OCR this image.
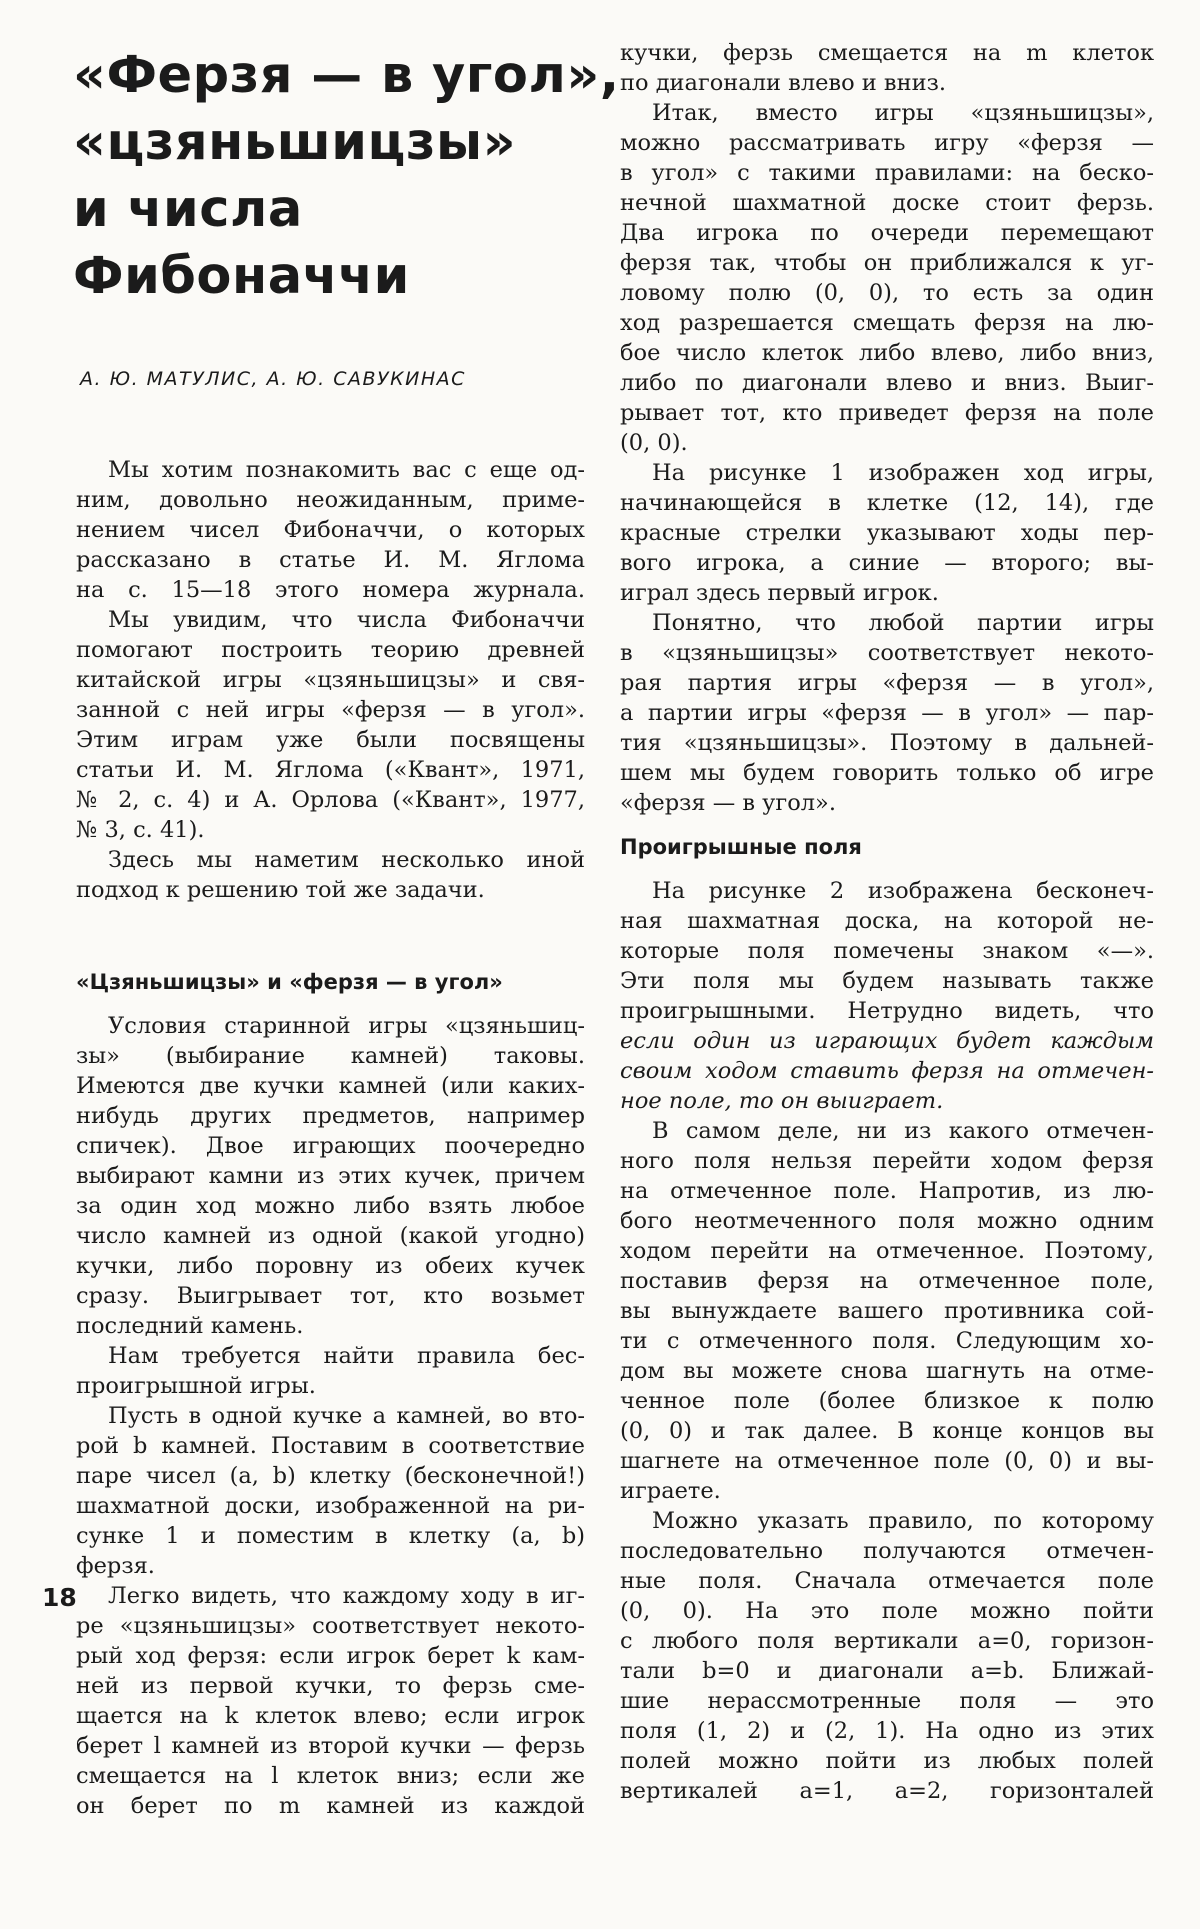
«Ферзя — в угол»,
«цзяньшицзы»
и числа
Фибоначчи
А. Ю. МАТУЛИС, А. Ю. САВУКИНАС
Мы хотим познакомить вас с еще од-
ним, довольно неожиданным, приме-
нением чисел Фибоначчи, о которых
рассказано в статье И. М. Яглома
на с. 15—18 этого номера журнала.
Мы увидим, что числа Фибоначчи
помогают построить теорию древней
китайской игры «цзяньшицзы» и свя-
занной с ней игры «ферзя — в угол».
Этим играм уже были посвящены
статьи И. М. Яглома («Квант», 1971,
№ 2, с. 4) и А. Орлова («Квант», 1977,
№ 3, с. 41).
Здесь мы наметим несколько иной
подход к решению той же задачи.
«Цзяньшицзы» и «ферзя — в угол»
Условия старинной игры «цзяньшиц-
зы» (выбирание камней) таковы.
Имеются две кучки камней (или каких-
нибудь других предметов, например
спичек). Двое играющих поочередно
выбирают камни из этих кучек, причем
за один ход можно либо взять любое
число камней из одной (какой угодно)
кучки, либо поровну из обеих кучек
сразу. Выигрывает тот, кто возьмет
последний камень.
Нам требуется найти правила бес-
проигрышной игры.
Пусть в одной кучке a камней, во вто-
рой b камней. Поставим в соответствие
паре чисел (a, b) клетку (бесконечной!)
шахматной доски, изображенной на ри-
сунке 1 и поместим в клетку (a, b)
ферзя.
Легко видеть, что каждому ходу в иг-
ре «цзяньшицзы» соответствует некото-
рый ход ферзя: если игрок берет k кам-
ней из первой кучки, то ферзь сме-
щается на k клеток влево; если игрок
берет l камней из второй кучки — ферзь
смещается на l клеток вниз; если же
он берет по m камней из каждой
кучки, ферзь смещается на m клеток
по диагонали влево и вниз.
Итак, вместо игры «цзяньшицзы»,
можно рассматривать игру «ферзя —
в угол» с такими правилами: на беско-
нечной шахматной доске стоит ферзь.
Два игрока по очереди перемещают
ферзя так, чтобы он приближался к уг-
ловому полю (0, 0), то есть за один
ход разрешается смещать ферзя на лю-
бое число клеток либо влево, либо вниз,
либо по диагонали влево и вниз. Выиг-
рывает тот, кто приведет ферзя на поле
(0, 0).
На рисунке 1 изображен ход игры,
начинающейся в клетке (12, 14), где
красные стрелки указывают ходы пер-
вого игрока, а синие — второго; вы-
играл здесь первый игрок.
Понятно, что любой партии игры
в «цзяньшицзы» соответствует некото-
рая партия игры «ферзя — в угол»,
а партии игры «ферзя — в угол» — пар-
тия «цзяньшицзы». Поэтому в дальней-
шем мы будем говорить только об игре
«ферзя — в угол».
Проигрышные поля
На рисунке 2 изображена бесконеч-
ная шахматная доска, на которой не-
которые поля помечены знаком «—».
Эти поля мы будем называть также
проигрышными. Нетрудно видеть, что
если один из играющих будет каждым
своим ходом ставить ферзя на отмечен-
ное поле, то он выиграет.
В самом деле, ни из какого отмечен-
ного поля нельзя перейти ходом ферзя
на отмеченное поле. Напротив, из лю-
бого неотмеченного поля можно одним
ходом перейти на отмеченное. Поэтому,
поставив ферзя на отмеченное поле,
вы вынуждаете вашего противника сой-
ти с отмеченного поля. Следующим хо-
дом вы можете снова шагнуть на отме-
ченное поле (более близкое к полю
(0, 0) и так далее. В конце концов вы
шагнете на отмеченное поле (0, 0) и вы-
играете.
Можно указать правило, по которому
последовательно получаются отмечен-
ные поля. Сначала отмечается поле
(0, 0). На это поле можно пойти
с любого поля вертикали a=0, горизон-
тали b=0 и диагонали a=b. Ближай-
шие нерассмотренные поля — это
поля (1, 2) и (2, 1). На одно из этих
полей можно пойти из любых полей
вертикалей a=1, a=2, горизонталей
18
